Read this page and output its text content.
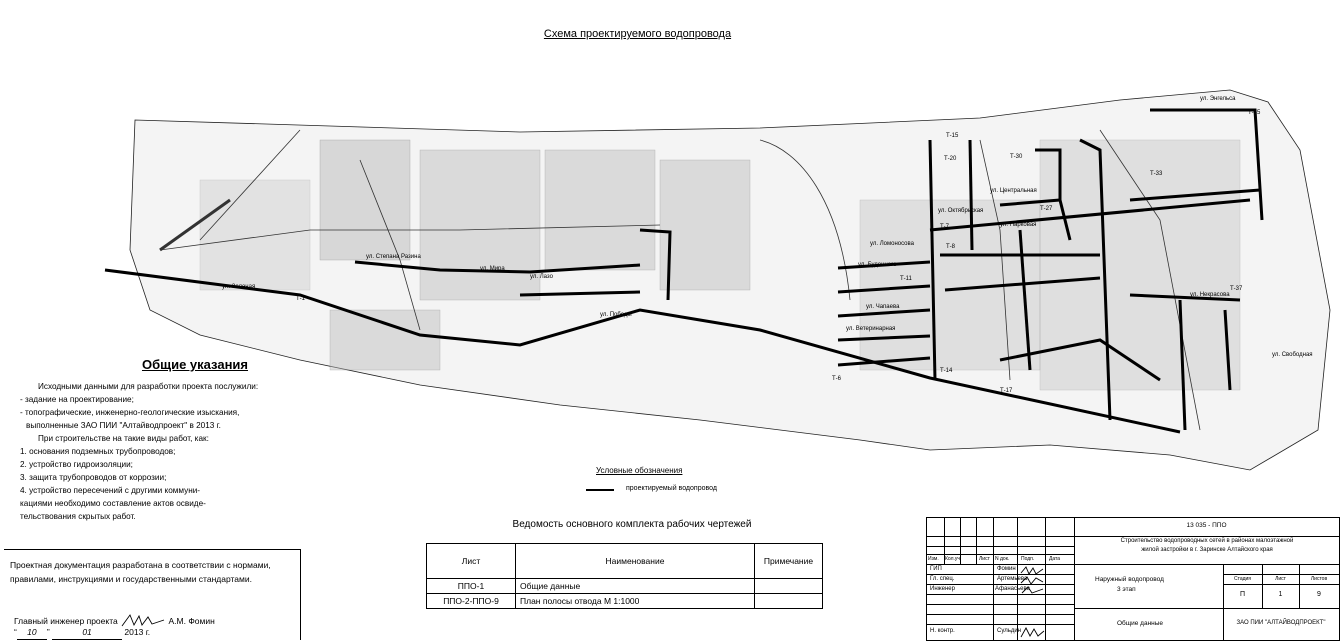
Схема проектируемого водопровода
ул. Энгельса
Т-35
Т-15
Т-20	Т-30
ул. Центральная
ул. Октябрьская	Т-27
ул. Парковая
ул. Ломоносова
ул. Буденного
Т-11
ул. Чапаева
ул. Ветеринарная
Т-17
Т-14
ул. Некрасова
Т-37
Т-33
ул. Свободная
ул. Зеленая
Т-1
ул. Степана Разина
ул. Мира
ул. Лазо
ул. Победы
Т-7
Т-6
Т-8
Общие указания
Исходными данными для разработки проекта послужили:
- задание на проектирование;
- топографические, инженерно-геологические изыскания,
выполненные ЗАО ПИИ "Алтайводпроект" в 2013 г.
При строительстве на такие виды работ, как:
1. основания подземных трубопроводов;
2. устройство гидроизоляции;
3. защита трубопроводов от коррозии;
4. устройство пересечений с другими коммуни-
кациями необходимо составление актов освиде-
тельствования скрытых работ.
Условные обозначения
проектируемый водопровод
Проектная документация разработана в соответствии с нормами, правилами, инструкциями и государственными стандартами.
Главный инженер проекта	А.М. Фомин
“ 10 ”	01	2013 г.
Ведомость основного комплекта рабочих чертежей
Лист	Наименование	Примечание
ППО-1	Общие данные	
ППО-2-ППО-9	План полосы отвода М 1:1000	
13 035 - ППО
Строительство водопроводных сетей в районах малоэтажной
жилой застройки в г. Заринске Алтайского края
Изм. Кол.уч.	Лист N док. Подп.	Дата
ГИП	Фомин
Гл. спец.	Артемьева
Инженер	Афанасьева
Н. контр.	Сульдин
Наружный водопровод
3 этап
Стадия	Лист	Листов
П	1	9
Общие данные	ЗАО ПИИ "АЛТАЙВОДПРОЕКТ"
